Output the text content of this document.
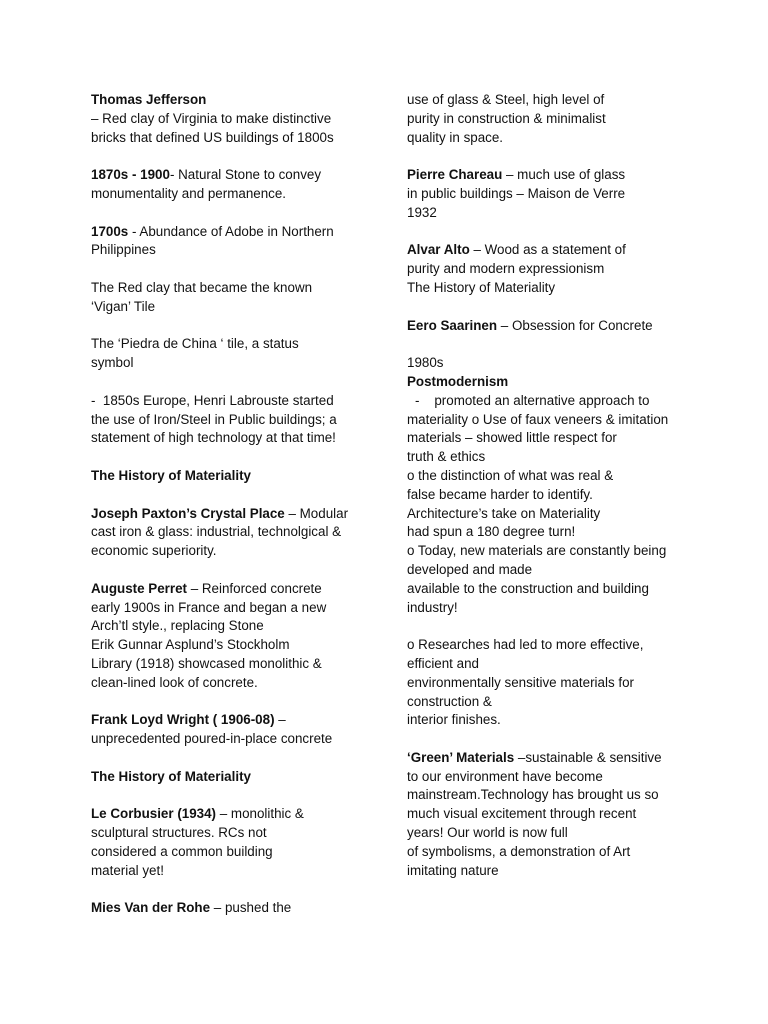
Thomas Jefferson
– Red clay of Virginia to make distinctive
bricks that defined US buildings of 1800s
1870s - 1900- Natural Stone to convey
monumentality and permanence.
1700s - Abundance of Adobe in Northern
Philippines
The Red clay that became the known
‘Vigan’ Tile
The ‘Piedra de China ‘ tile, a status
symbol
-  1850s Europe, Henri Labrouste started
the use of Iron/Steel in Public buildings; a
statement of high technology at that time!
The History of Materiality
Joseph Paxton’s Crystal Place – Modular
cast iron & glass: industrial, technolgical &
economic superiority.
Auguste Perret – Reinforced concrete
early 1900s in France and began a new
Arch’tl style., replacing Stone
Erik Gunnar Asplund’s Stockholm
Library (1918) showcased monolithic &
clean-lined look of concrete.
Frank Loyd Wright ( 1906-08) –
unprecedented poured-in-place concrete
The History of Materiality
Le Corbusier (1934) – monolithic &
sculptural structures. RCs not
considered a common building
material yet!
Mies Van der Rohe – pushed the
use of glass & Steel, high level of
purity in construction & minimalist
quality in space.
Pierre Chareau – much use of glass
in public buildings – Maison de Verre
1932
Alvar Alto – Wood as a statement of
purity and modern expressionism
The History of Materiality
Eero Saarinen – Obsession for Concrete
1980s
Postmodernism
-    promoted an alternative approach to
materiality o Use of faux veneers & imitation
materials – showed little respect for
truth & ethics
o the distinction of what was real &
false became harder to identify.
Architecture’s take on Materiality
had spun a 180 degree turn!
o Today, new materials are constantly being
developed and made
available to the construction and building
industry!
o Researches had led to more effective,
efficient and
environmentally sensitive materials for
construction &
interior finishes.
‘Green’ Materials –sustainable & sensitive
to our environment have become
mainstream.Technology has brought us so
much visual excitement through recent
years! Our world is now full
of symbolisms, a demonstration of Art
imitating nature
